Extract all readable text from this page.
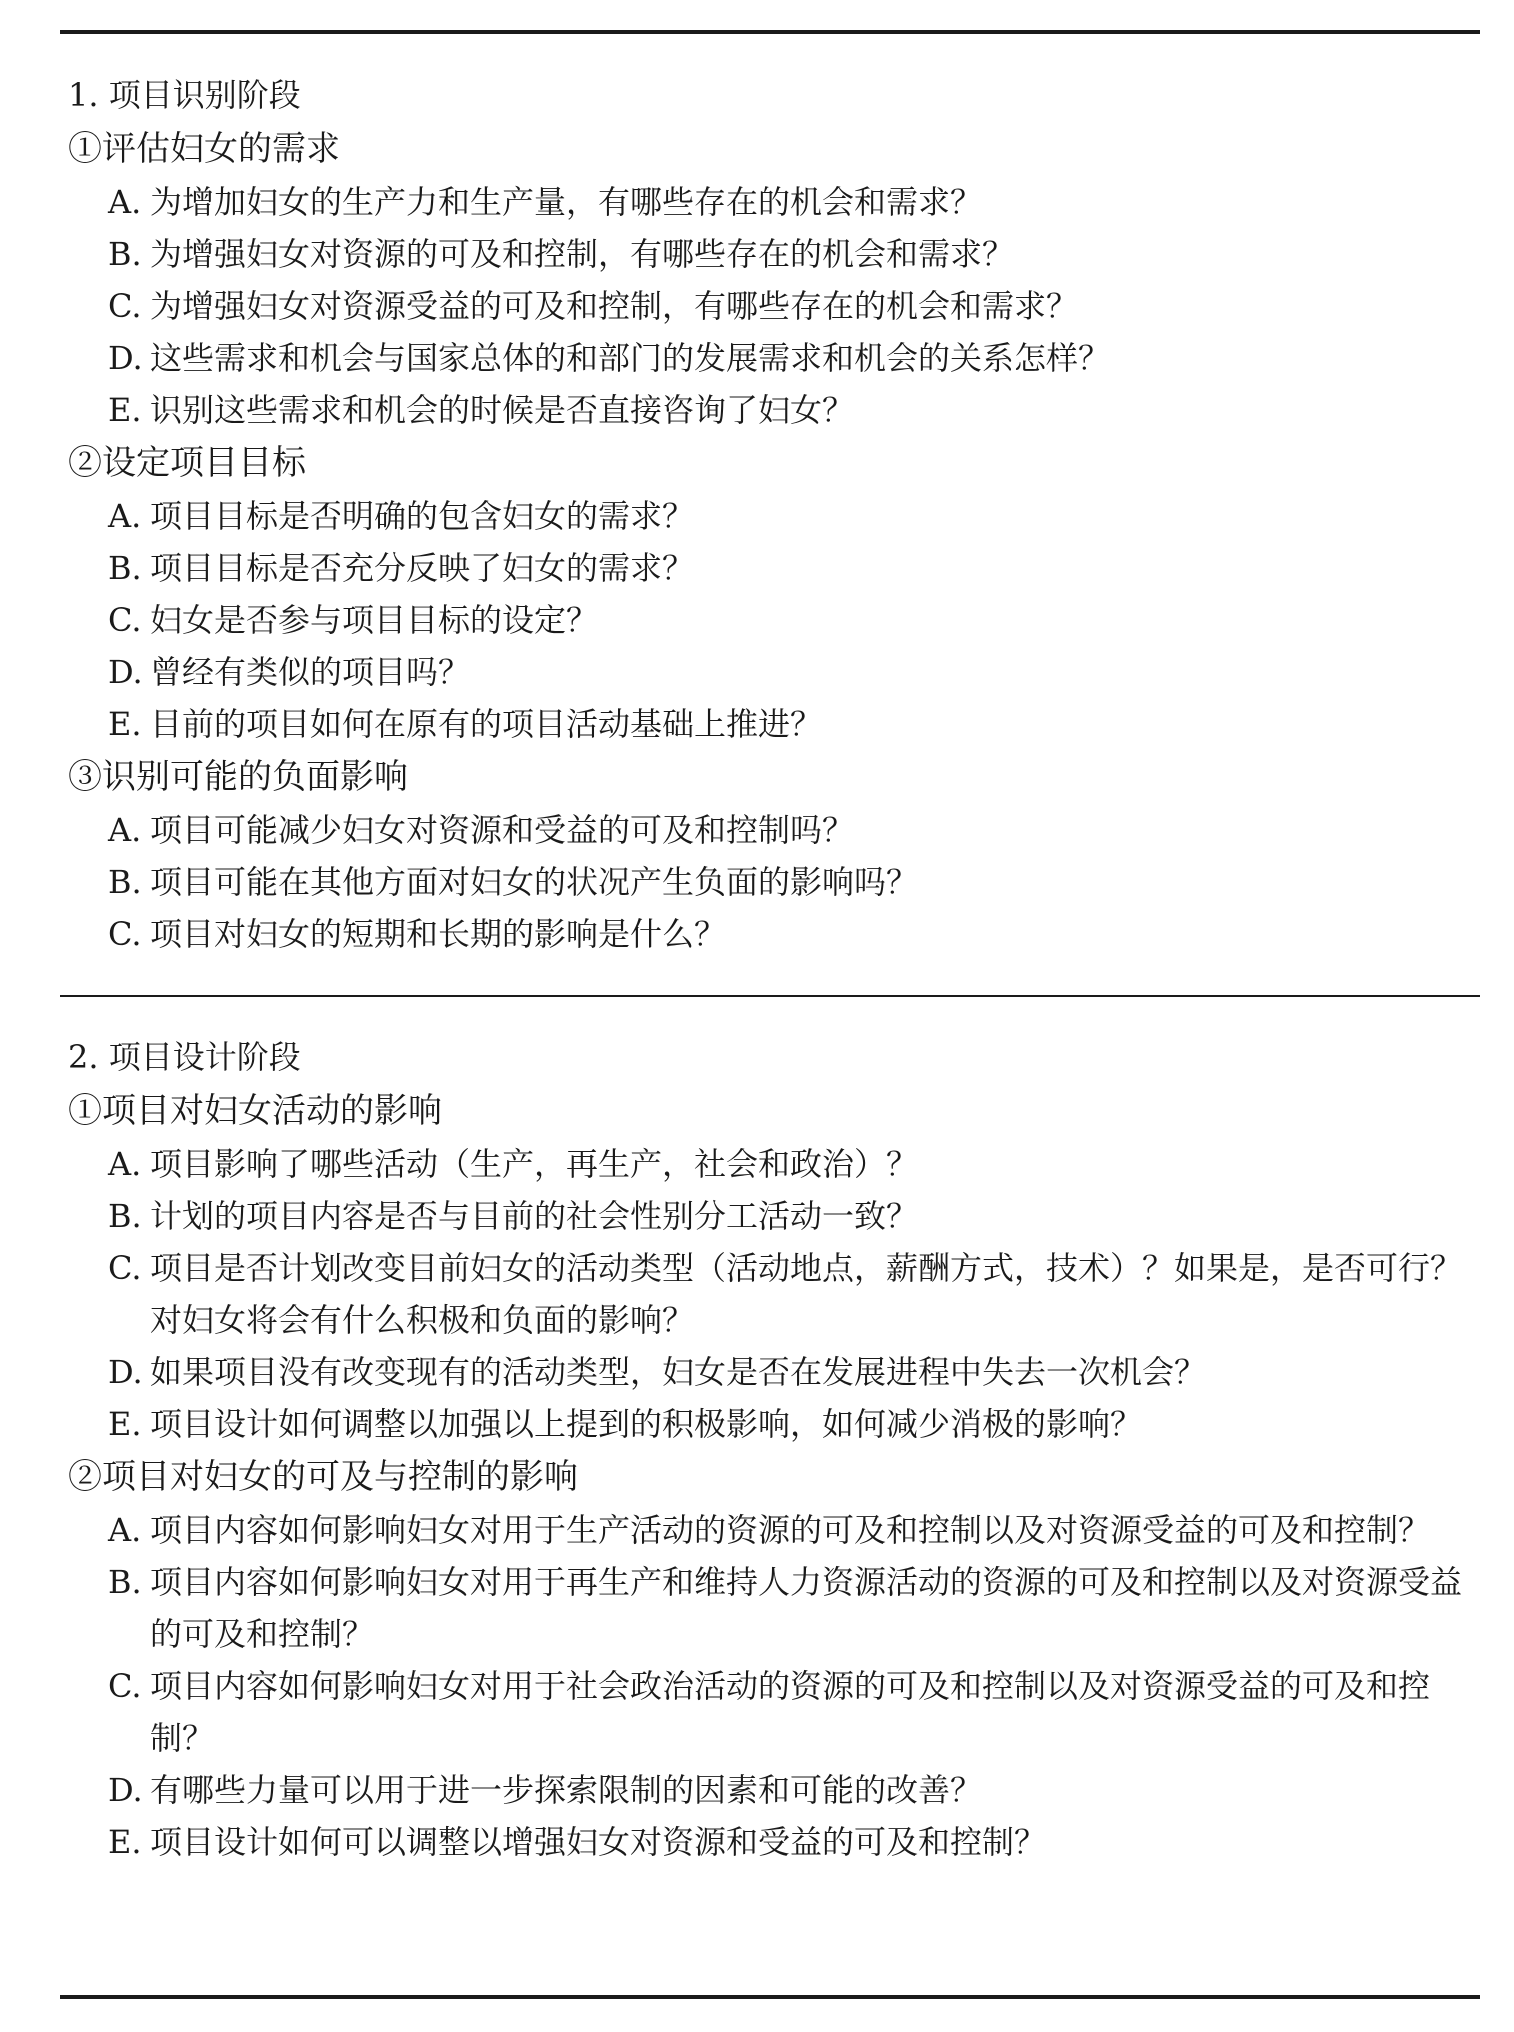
1. 项目识别阶段
①评估妇女的需求
A. 为增加妇女的生产力和生产量，有哪些存在的机会和需求？
B. 为增强妇女对资源的可及和控制，有哪些存在的机会和需求？
C. 为增强妇女对资源受益的可及和控制，有哪些存在的机会和需求？
D. 这些需求和机会与国家总体的和部门的发展需求和机会的关系怎样？
E. 识别这些需求和机会的时候是否直接咨询了妇女？
②设定项目目标
A. 项目目标是否明确的包含妇女的需求？
B. 项目目标是否充分反映了妇女的需求？
C. 妇女是否参与项目目标的设定？
D. 曾经有类似的项目吗？
E. 目前的项目如何在原有的项目活动基础上推进？
③识别可能的负面影响
A. 项目可能减少妇女对资源和受益的可及和控制吗？
B. 项目可能在其他方面对妇女的状况产生负面的影响吗？
C. 项目对妇女的短期和长期的影响是什么？
2. 项目设计阶段
①项目对妇女活动的影响
A. 项目影响了哪些活动（生产，再生产，社会和政治）？
B. 计划的项目内容是否与目前的社会性别分工活动一致？
C. 项目是否计划改变目前妇女的活动类型（活动地点，薪酬方式，技术）？如果是，是否可行？对妇女将会有什么积极和负面的影响？
D. 如果项目没有改变现有的活动类型，妇女是否在发展进程中失去一次机会？
E. 项目设计如何调整以加强以上提到的积极影响，如何减少消极的影响？
②项目对妇女的可及与控制的影响
A. 项目内容如何影响妇女对用于生产活动的资源的可及和控制以及对资源受益的可及和控制？
B. 项目内容如何影响妇女对用于再生产和维持人力资源活动的资源的可及和控制以及对资源受益的可及和控制？
C. 项目内容如何影响妇女对用于社会政治活动的资源的可及和控制以及对资源受益的可及和控制？
D. 有哪些力量可以用于进一步探索限制的因素和可能的改善？
E. 项目设计如何可以调整以增强妇女对资源和受益的可及和控制？
